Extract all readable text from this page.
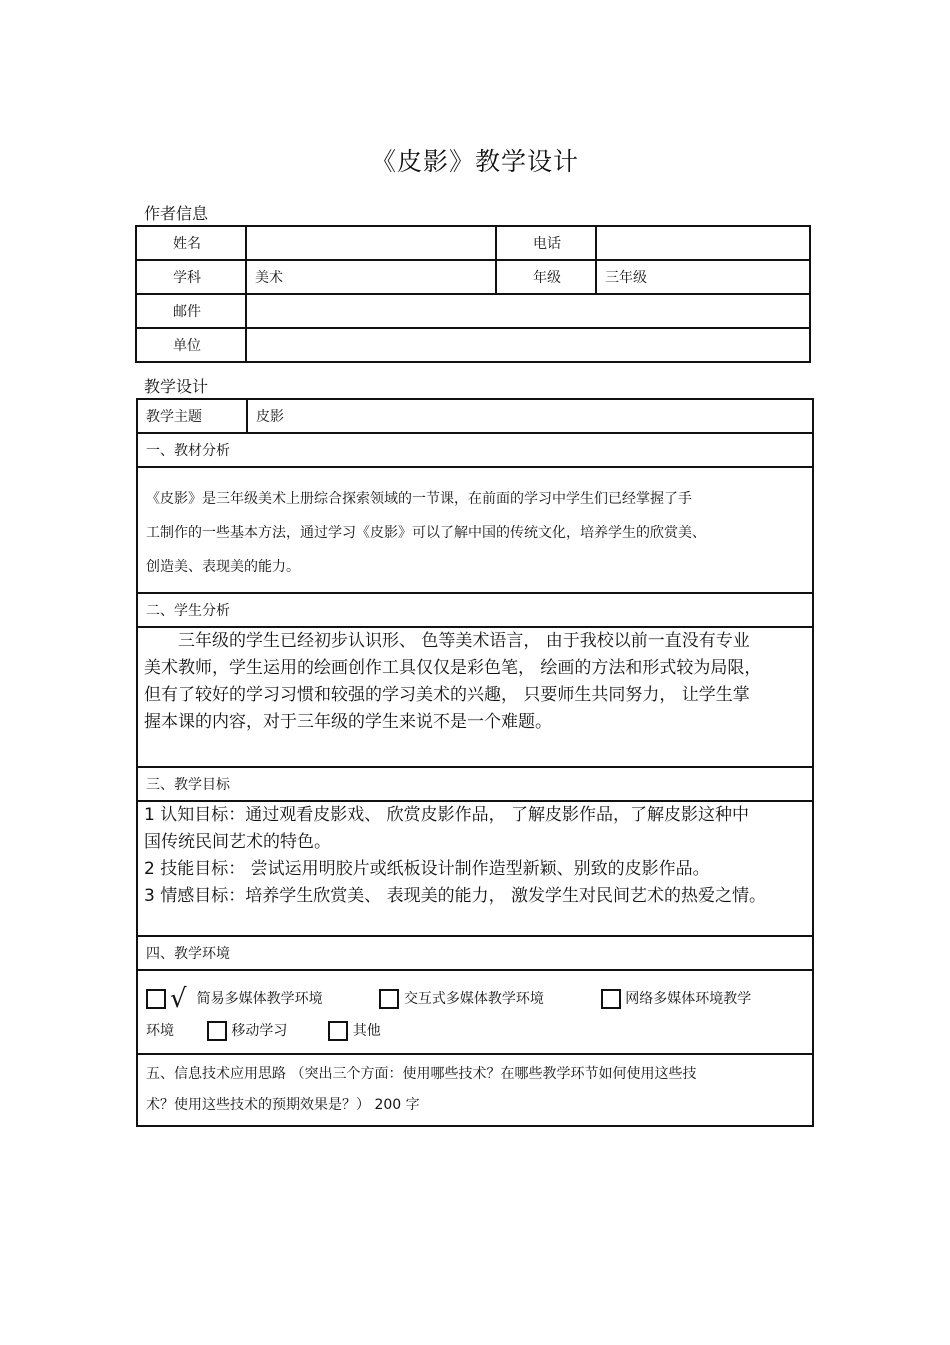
《皮影》教学设计
作者信息
姓名		电话	
学科	美术	年级	三年级
邮件			
单位			
教学设计
教学主题	皮影
一、教材分析

《皮影》是三年级美术上册综合探索领域的一节课，在前面的学习中学生们已经掌握了手
工制作的一些基本方法，通过学习《皮影》可以了解中国的传统文化，培养学生的欣赏美、
创造美、表现美的能力。

二、学生分析

　　三年级的学生已经初步认识形、 色等美术语言， 由于我校以前一直没有专业
美术教师，学生运用的绘画创作工具仅仅是彩色笔， 绘画的方法和形式较为局限，
但有了较好的学习习惯和较强的学习美术的兴趣， 只要师生共同努力， 让学生掌
握本课的内容，对于三年级的学生来说不是一个难题。

三、教学目标

1 认知目标：通过观看皮影戏、 欣赏皮影作品， 了解皮影作品，了解皮影这种中
国传统民间艺术的特色。
2 技能目标： 尝试运用明胶片或纸板设计制作造型新颖、别致的皮影作品。
3 情感目标：培养学生欣赏美、 表现美的能力， 激发学生对民间艺术的热爱之情。

四、教学环境

√ 简易多媒体教学环境	交互式多媒体教学环境	网络多媒体环境教学
环境	移动学习	其他

五、信息技术应用思路 （突出三个方面：使用哪些技术？在哪些教学环节如何使用这些技
术？使用这些技术的预期效果是？） 200 字
